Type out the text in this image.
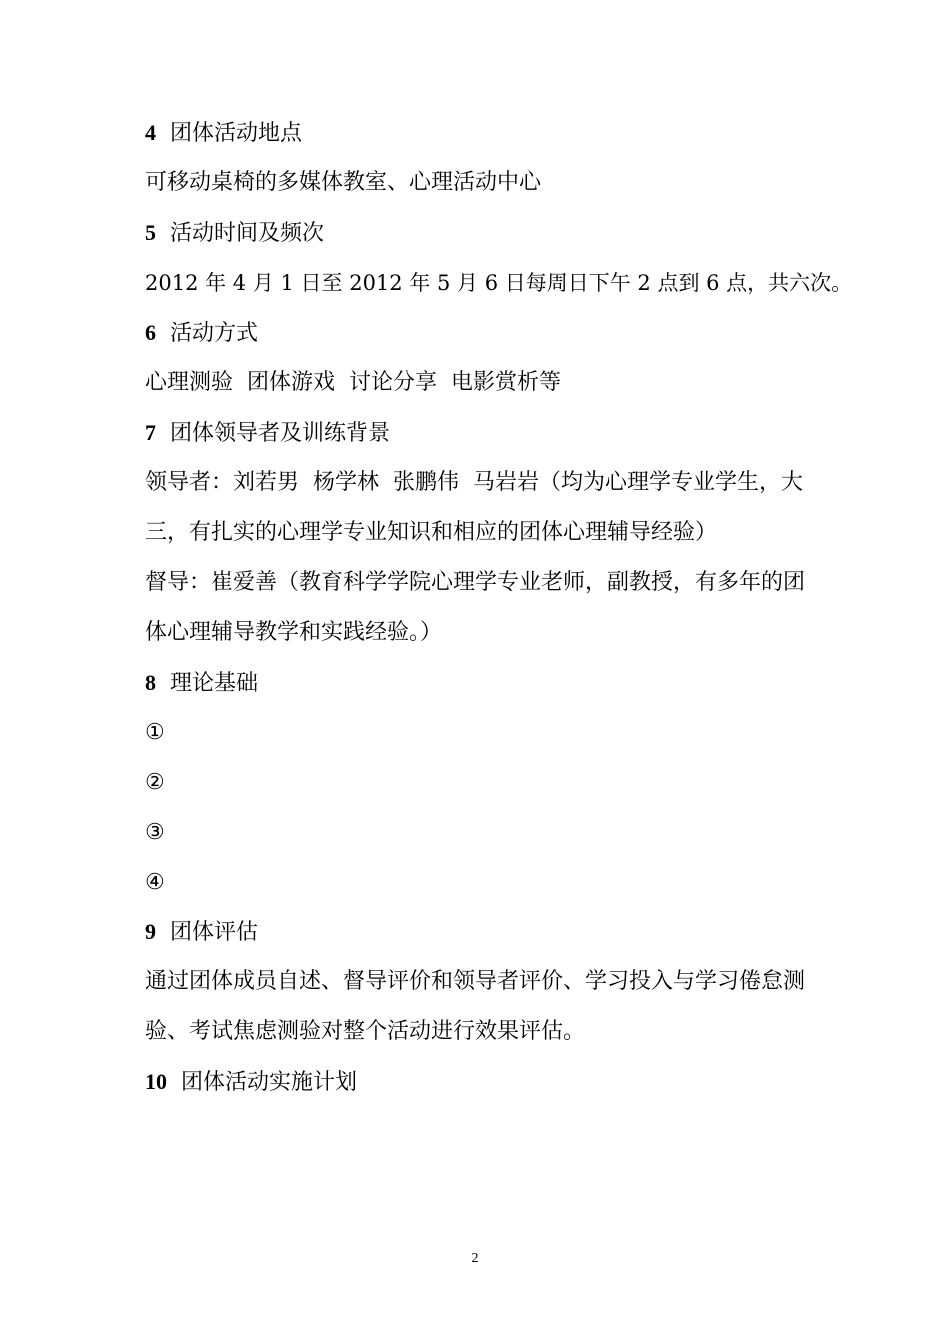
4 团体活动地点
可移动桌椅的多媒体教室、心理活动中心
5 活动时间及频次
2012 年 4 月 1 日至 2012 年 5 月 6 日每周日下午 2 点到 6 点，共六次。
6 活动方式
心理测验  团体游戏  讨论分享  电影赏析等
7 团体领导者及训练背景
领导者：刘若男  杨学林  张鹏伟  马岩岩（均为心理学专业学生，大
三，有扎实的心理学专业知识和相应的团体心理辅导经验）
督导：崔爱善（教育科学学院心理学专业老师，副教授，有多年的团
体心理辅导教学和实践经验。）
8 理论基础
①
②
③
④
9 团体评估
通过团体成员自述、督导评价和领导者评价、学习投入与学习倦怠测
验、考试焦虑测验对整个活动进行效果评估。
10 团体活动实施计划
2
